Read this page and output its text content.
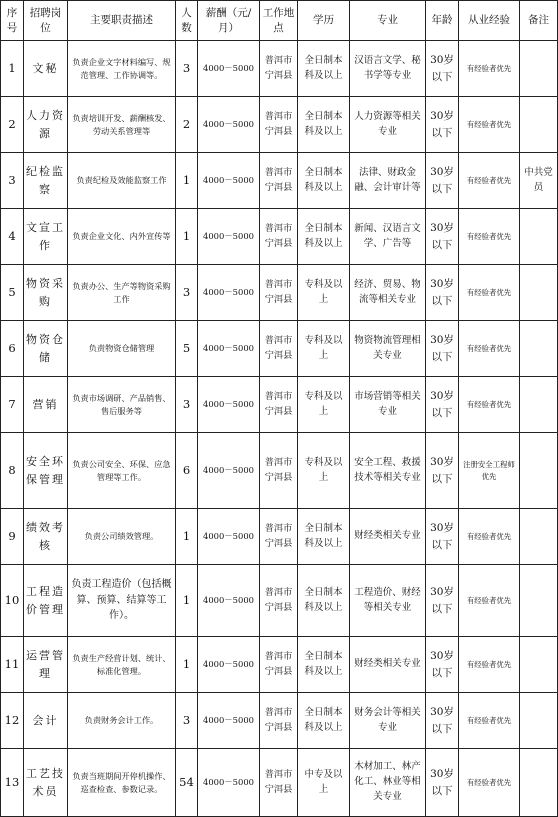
序号	招聘岗位	主要职责描述	人数	薪酬（元/月）	工作地点	学历	专业	年龄	从业经验	备注
1	文秘	负责企业文字材料编写、规范管理、工作协调等。	3	4000－5000	普洱市宁洱县	全日制本科及以上	汉语言文学、秘书学等专业	30岁以下	有经验者优先	
2	人力资源	负责培训开发、薪酬核发、劳动关系管理等	2	4000－5000	普洱市宁洱县	全日制本科及以上	人力资源等相关专业	30岁以下	有经验者优先	
3	纪检监察	负责纪检及效能监察工作	1	4000－5000	普洱市宁洱县	全日制本科及以上	法律、财政金融、会计审计等	30岁以下	有经验者优先	中共党员
4	文宣工作	负责企业文化、内外宣传等	1	4000－5000	普洱市宁洱县	全日制本科及以上	新闻、汉语言文学、广告等	30岁以下	有经验者优先	
5	物资采购	负责办公、生产等物资采购工作	3	4000－5000	普洱市宁洱县	专科及以上	经济、贸易、物流等相关专业	30岁以下	有经验者优先	
6	物资仓储	负责物资仓储管理	5	4000－5000	普洱市宁洱县	专科及以上	物资物流管理相关专业	30岁以下	有经验者优先	
7	营销	负责市场调研、产品销售、售后服务等	3	4000－5000	普洱市宁洱县	专科及以上	市场营销等相关专业	30岁以下	有经验者优先	
8	安全环保管理	负责公司安全、环保、应急管理等工作。	6	4000－5000	普洱市宁洱县	专科及以上	安全工程、救援技术等相关专业	30岁以下	注册安全工程师优先	
9	绩效考核	负责公司绩效管理。	1	4000－5000	普洱市宁洱县	全日制本科及以上	财经类相关专业	30岁以下	有经验者优先	
10	工程造价管理	负责工程造价（包括概算、预算、结算等工作）。	1	4000－5000	普洱市宁洱县	全日制本科及以上	工程造价、财经等相关专业	30岁以下	有经验者优先	
11	运营管理	负责生产经营计划、统计、标准化管理。	1	4000－5000	普洱市宁洱县	全日制本科及以上	财经类相关专业	30岁以下	有经验者优先	
12	会计	负责财务会计工作。	3	4000－5000	普洱市宁洱县	全日制本科及以上	财务会计等相关专业	30岁以下	有经验者优先	
13	工艺技术员	负责当班期间开停机操作、巡查检查、参数记录。	54	4000－5000	普洱市宁洱县	中专及以上	木材加工、林产化工、林业等相关专业	30岁以下	有经验者优先	
